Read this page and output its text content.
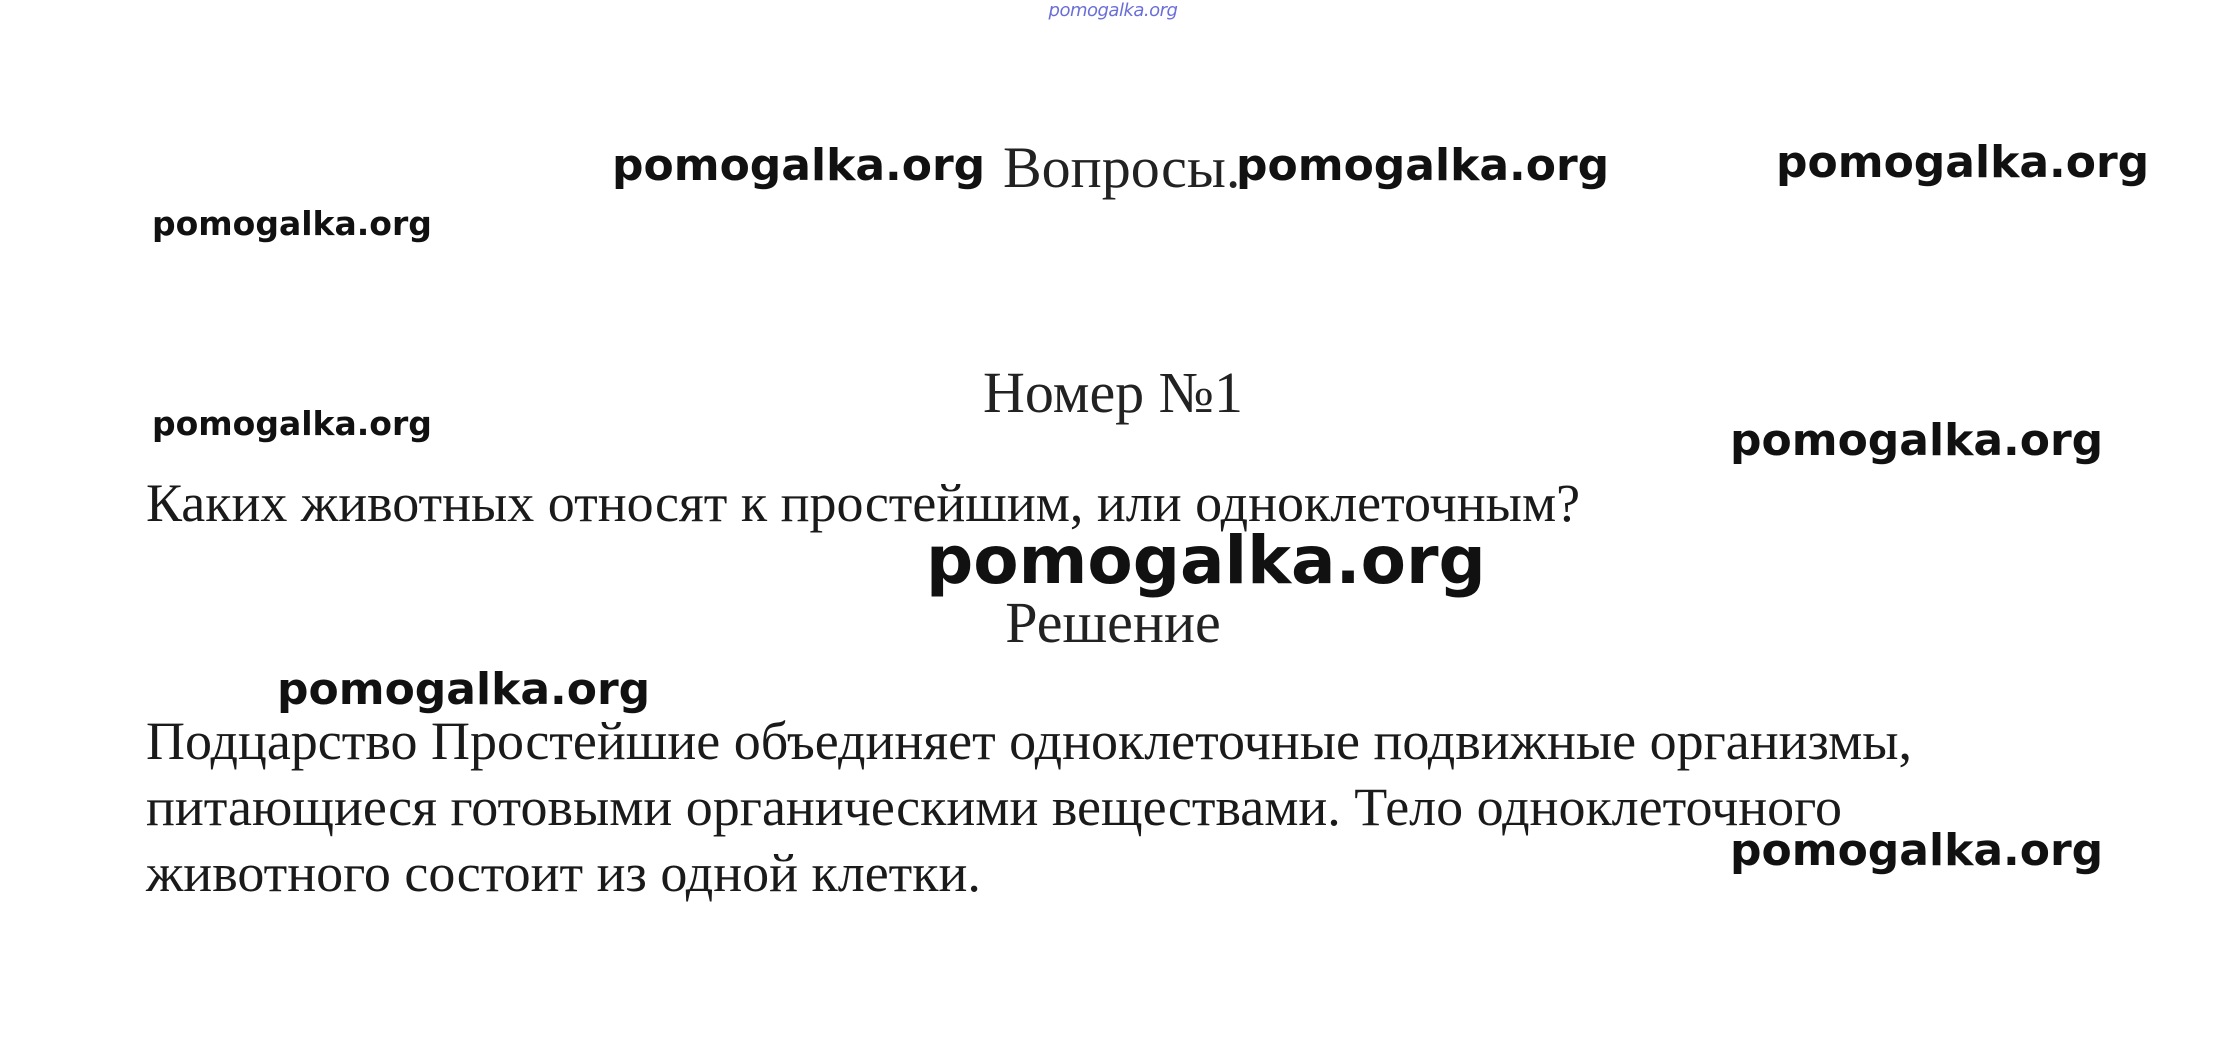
pomogalka.org
Вопросы.
Номер №1
Каких животных относят к простейшим, или одноклеточным?
Решение
Подцарство Простейшие объединяет одноклеточные подвижные организмы,
питающиеся готовыми органическими веществами. Тело одноклеточного
животного состоит из одной клетки.
pomogalka.org	pomogalka.org	pomogalka.org
pomogalka.org
pomogalka.org	pomogalka.org
pomogalka.org
pomogalka.org
pomogalka.org
